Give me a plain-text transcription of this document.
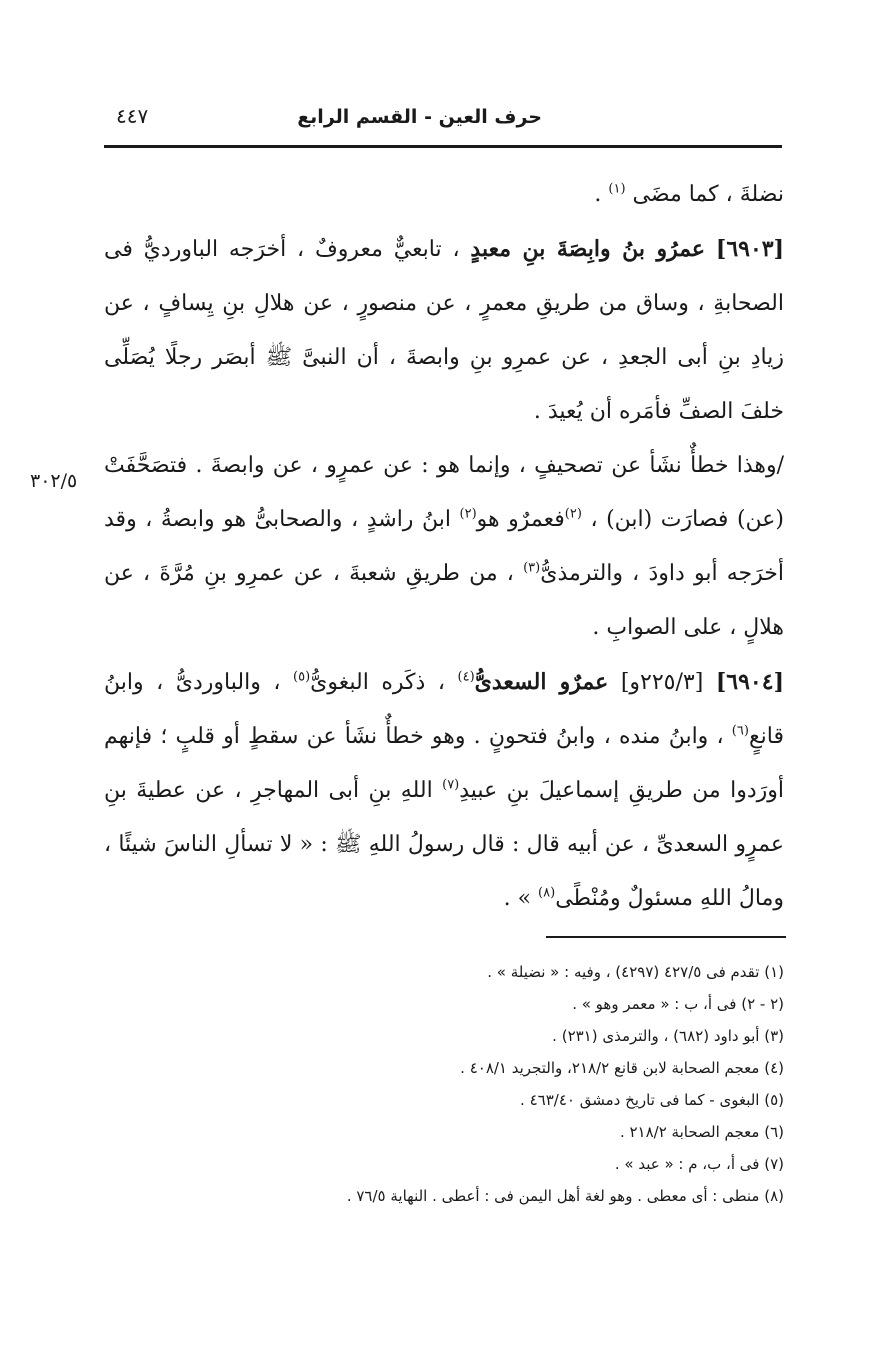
حرف العين - القسم الرابع
٤٤٧

نضلةَ ، كما مضَى $^{(١)}$ .

[٦٩٠٣] عمرُو بنُ وابِصَةَ بنِ معبدٍ ، تابعيٌّ معروفٌ ، أخرَجه الباورديُّ فى الصحابةِ ، وساق من طريقِ معمرٍ ، عن منصورٍ ، عن هلالِ بنِ يِسافٍ ، عن زيادِ بنِ أبى الجعدِ ، عن عمرِو بنِ وابصةَ ، أن النبىَّ ﷺ أبصَر رجلًا يُصَلِّى خلفَ الصفِّ فأمَره أن يُعيدَ .

/وهذا خطأٌ نشَأ عن تصحيفٍ ، وإنما هو : عن عمرٍو ، عن وابصةَ . فتصَحَّفَتْ (عن) فصارَت (ابن) ، $^{(٢)}$فعمرٌو هو$^{(٢)}$ ابنُ راشدٍ ، والصحابىُّ هو وابصةُ ، وقد أخرَجه أبو داودَ ، والترمذىُّ$^{(٣)}$ ، من طريقِ شعبةَ ، عن عمرِو بنِ مُرَّةَ ، عن هلالٍ ، على الصوابِ .

[٦٩٠٤] [٢٢٥/٣و] عمرٌو السعدىُّ$^{(٤)}$ ، ذكَره البغوىُّ$^{(٥)}$ ، والباوردىُّ ، وابنُ قانعٍ$^{(٦)}$ ، وابنُ منده ، وابنُ فتحونٍ . وهو خطأٌ نشَأ عن سقطٍ أو قلبٍ ؛ فإنهم أورَدوا من طريقِ إسماعيلَ بنِ عبيدِ$^{(٧)}$ اللهِ بنِ أبى المهاجرِ ، عن عطيةَ بنِ عمرٍو السعدىِّ ، عن أبيه قال : قال رسولُ اللهِ ﷺ : « لا تسألِ الناسَ شيئًا ، ومالُ اللهِ مسئولٌ ومُنْطًى$^{(٨)}$ » .

٣٠٢/٥
(١) تقدم فى ٤٢٧/٥ (٤٢٩٧) ، وفيه : « نضيلة » .
(٢ - ٢) فى أ، ب : « معمر وهو » .
(٣) أبو داود (٦٨٢) ، والترمذى (٢٣١) .
(٤) معجم الصحابة لابن قانع ٢١٨/٢، والتجريد ٤٠٨/١ .
(٥) البغوى - كما فى تاريخ دمشق ٤٦٣/٤٠ .
(٦) معجم الصحابة ٢١٨/٢ .
(٧) فى أ، ب، م : « عبد » .
(٨) منطى : أى معطى . وهو لغة أهل اليمن فى : أعطى . النهاية ٧٦/٥ .
